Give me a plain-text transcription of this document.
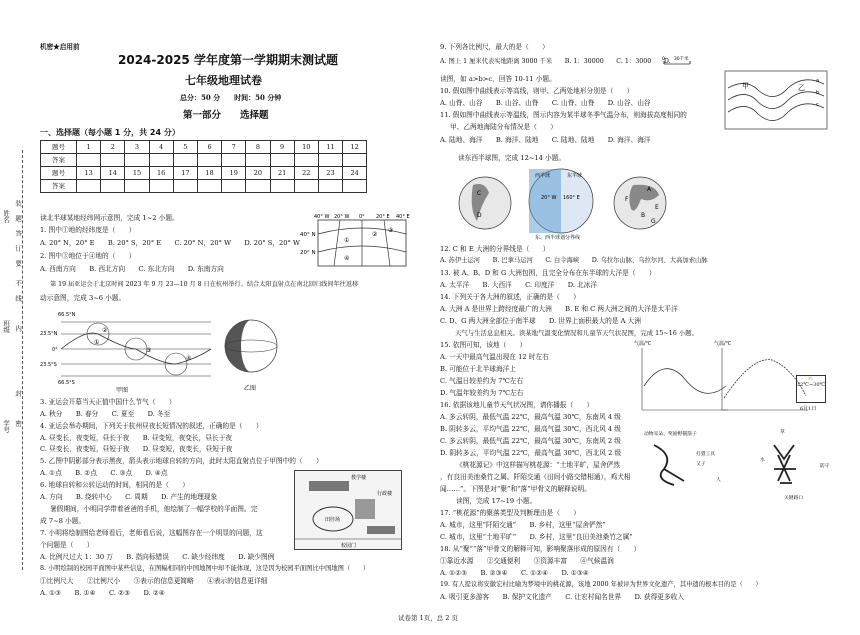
姓名
班级
学号
装
订
线
内
不
要
答
题
封
密
机密★启用前
2024-2025 学年度第一学期期末测试题
七年级地理试卷
总分：50 分　　时间：50 分钟
第一部分　　选择题
一、选择题（每小题 1 分，共 24 分）
题号	1	2	3	4	5	6	7	8	9	10	11	12
答案												
题号	13	14	15	16	17	18	19	20	21	22	23	24
答案												
读北半球某地经纬网示意图，完成 1~2 小题。
1. 图中①地的经纬度是（　　）
A. 20° N，20° E　　B. 20° S，20° E　　C. 20° N，20° W　　D. 20° S，20° W
2. 图中③地位于④地的（　　）
A. 西南方向　　B. 西北方向　　C. 东北方向　　D. 东南方向
第 19 届亚运会于北京时间 2023 年 9 月 23—10 月 8 日在杭州举行。结合太阳直射点在南北回归线间年往返移
动示意图，完成 3~6 小题。
3. 亚运会开幕当天正值中国什么节气（　　）
A. 秋分　　B. 春分　　C. 夏至　　D. 冬至
4. 亚运会举办期间，下列关于杭州昼夜长短情况的叙述，正确的是（　　）
A. 昼变长，夜变短，昼长于夜　　B. 昼变短，夜变长，昼长于夜
C. 昼变长，夜变短，昼短于夜　　D. 昼变短，夜变长，昼短于夜
5. 乙图中阴影部分表示黑夜，箭头表示地球自转的方向，此时太阳直射点位于甲图中的（　　）
A. ①点　　B. ②点　　C. ③点　　D. ④点
6. 地球自转和公转运动的时间，相同的是（　　）
A. 方向　　B. 绕转中心　　C. 周期　　D. 产生的地理现象
暑假期间，小明同学带着爸爸的手机，他绘制了一幅学校的平面图。完
成 7~8 小题。
7. 小明将绘制图给老师看后，老师看后说，这幅图存在一个明显的问题，这
个问题是（　　）
A. 比例尺过大 1：30 万　　B. 指向标错误　　C. 缺少经纬度　　D. 缺少图例
8. 小明绘制的校园平面图中某些信息，在图幅相同的中国地图中却不能体现，这是因为校园平面图比中国地图（　　）
①比例尺大　　②比例尺小　　③表示的信息更简略　　④表示的信息更详细
A. ①③　　B. ①④　　C. ②③　　D. ②④
40° N
20° N
40° W 20° W 0° 20° E 40° E
①
②
③
④
①
②
③
④
66.5°N
23.5°N
0°
23.5°S
66.5°S
甲图	乙图
教学楼
田径场
行政楼
校园门
9. 下列各比例尺，最大的是（　　）
A. 图上 1 厘米代表实地距离 3000 千米　　B. 1：30000　　C. 1：3000　　D.
0　　30千米
读图，如 a>b>c，回答 10-11 小题。
10. 假如图中曲线表示等高线，则甲、乙两处地形分别是（　　）
A. 山脊、山谷　　B. 山谷、山脊　　C. 山脊、山脊　　D. 山谷、山谷
11. 假如图中曲线表示等温线，图示内容为某半球冬季气温分布，则海拔高度相同的
甲、乙两地海陆分布情况是（　　）
A. 陆地、海洋　　B. 海洋、陆地　　C. 陆地、陆地　　D. 海洋、海洋
甲	乙
a
b
c
读东西半球图，完成 12~14 小题。
西半球	东半球
20° W 160° E
A
B
C
D
E
F
G
东、西半球划分界线
12. C 和 E 大洲的分界线是（　　）
A. 苏伊士运河　　B. 巴拿马运河　　C. 白令海峡　　D. 乌拉尔山脉、乌拉尔河、大高加索山脉
13. 被 A、B、D 和 G 大洲包围，且完全分布在东半球的大洋是（　　）
A. 太平洋　　B. 大西洋　　C. 印度洋　　D. 北冰洋
14. 下列关于各大洲的叙述，正确的是（　　）
A. 大洲 A 是世界上跨经度最广的大洲　　B. E 和 C 两大洲之间的大洋是太平洋
C. D、G 两大洲全部位于南半球　　D. 世界上面积最大的是 A 大洲
天气与生活息息相关。读某地气温变化情况和儿童节天气状况图，完成 15~16 小题。
15. 依图可知，该地（　　）
A. 一天中最高气温出现在 12 时左右
B. 可能位于北半球海洋上
C. 气温日较差约为 7℃左右
D. 气温年较差约为 7℃左右
16. 依据该地儿童节天气状况图，请你播报（　　）
A. 多云转阴，最低气温 22℃，最高气温 30℃，东南风 4 级
B. 阴转多云，平均气温 22℃，最高气温 30℃，西北风 4 级
C. 多云转阴，最低气温 22℃，最高气温 30℃，东南风 2 级
D. 阴转多云，平均气温 22℃，最高气温 30℃，西北风 2 级
气温/℃	气温/℃
⛅
22℃~30℃
6月1日
动物耳朵、奖励野猫箭子
打猎工具
又子
人
草
防守
关键路口
水
《桃花源记》中这样描写桃花源：“土地平旷，屋舍俨然
，有良田美池桑竹之属。阡陌交通（田间小路交错相通），鸡犬相
闻……”。下图是对“聚”和“落”甲骨文的解释说明。
读图，完成 17~19 小题。
17. “桃花源”的聚落类型及判断理由是（　　）
A. 城市，这里“阡陌交通”　　B. 乡村，这里“屋舍俨然”
C. 城市，这里“土地平旷”　　D. 乡村，这里“良田美池桑竹之属”
18. 从“聚”“落”甲骨文的解释可知，影响聚落形成的原因有（　　）
①靠近水源　　②交通便利　　③资源丰富　　④气候温润
A. ①②③　　B. ②③④　　C. ①②④　　D. ①③④
19. 有人提议将安徽宏村比喻为梦境中的桃花源，该地 2000 年被评为世界文化遗产，其申遗的根本目的是（　　）
A. 吸引更多游客　　B. 保护文化遗产　　C. 让宏村闻名世界　　D. 获得更多收入
试卷第 1页，总 2 页
